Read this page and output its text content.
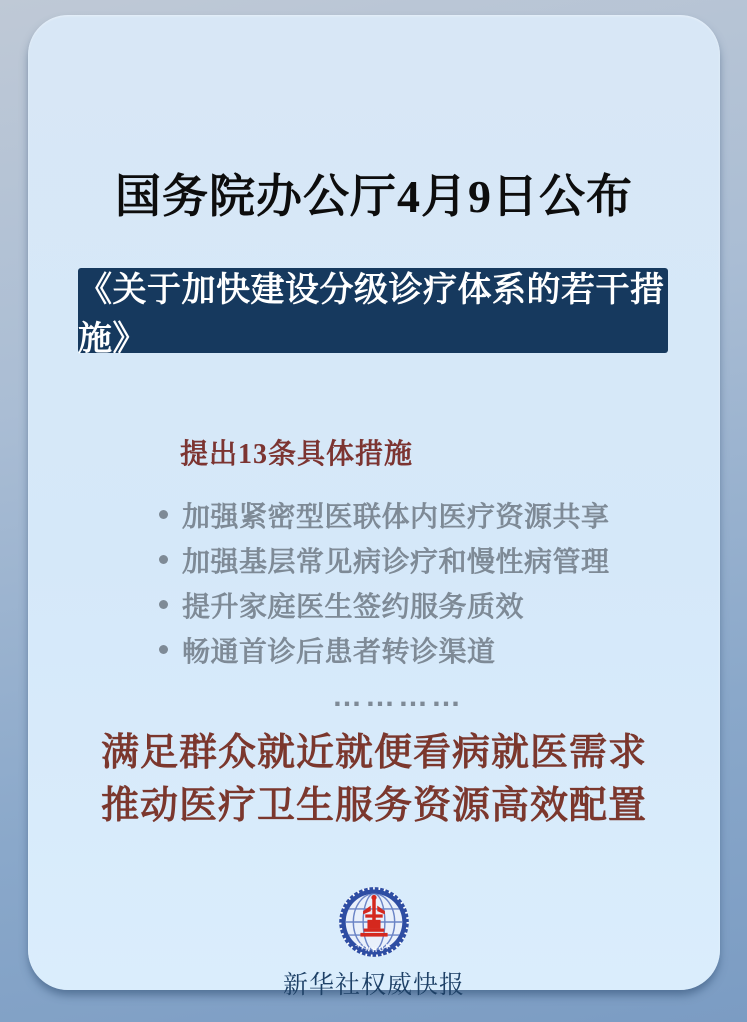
国务院办公厅4月9日公布
《关于加快建设分级诊疗体系的若干措施》
提出13条具体措施
加强紧密型医联体内医疗资源共享
加强基层常见病诊疗和慢性病管理
提升家庭医生签约服务质效
畅通首诊后患者转诊渠道
…………
满足群众就近就便看病就医需求
推动医疗卫生服务资源高效配置
XINHUA
新华社权威快报
